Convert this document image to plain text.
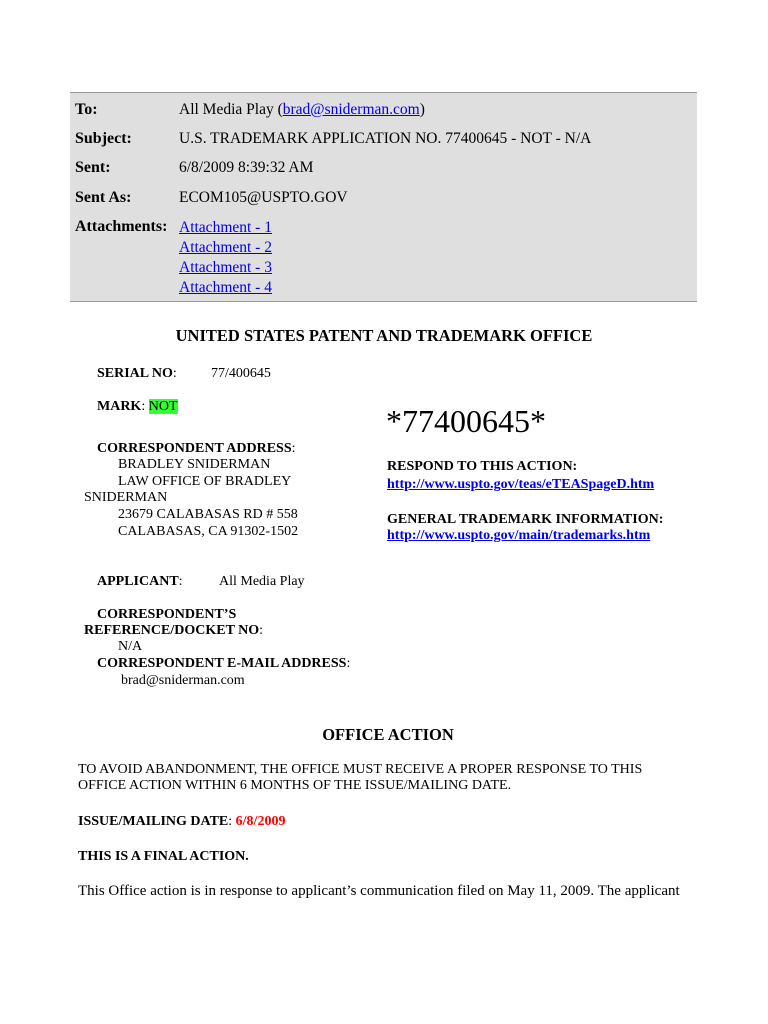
To:	All Media Play (brad@sniderman.com)
Subject:	U.S. TRADEMARK APPLICATION NO. 77400645 - NOT - N/A
Sent:	6/8/2009 8:39:32 AM
Sent As:	ECOM105@USPTO.GOV
Attachments: Attachment - 1
Attachment - 2
Attachment - 3
Attachment - 4
UNITED STATES PATENT AND TRADEMARK OFFICE
SERIAL NO: 77/400645
MARK: NOT
CORRESPONDENT ADDRESS:
BRADLEY SNIDERMAN
LAW OFFICE OF BRADLEY
SNIDERMAN
23679 CALABASAS RD # 558
CALABASAS, CA 91302-1502
APPLICANT:	All Media Play
CORRESPONDENT’S
REFERENCE/DOCKET NO:
N/A
CORRESPONDENT E-MAIL ADDRESS:
brad@sniderman.com
*77400645*
RESPOND TO THIS ACTION:
http://www.uspto.gov/teas/eTEASpageD.htm
GENERAL TRADEMARK INFORMATION:
http://www.uspto.gov/main/trademarks.htm
OFFICE ACTION
TO AVOID ABANDONMENT, THE OFFICE MUST RECEIVE A PROPER RESPONSE TO THIS
OFFICE ACTION WITHIN 6 MONTHS OF THE ISSUE/MAILING DATE.
ISSUE/MAILING DATE: 6/8/2009
THIS IS A FINAL ACTION.
This Office action is in response to applicant’s communication filed on May 11, 2009. The applicant
